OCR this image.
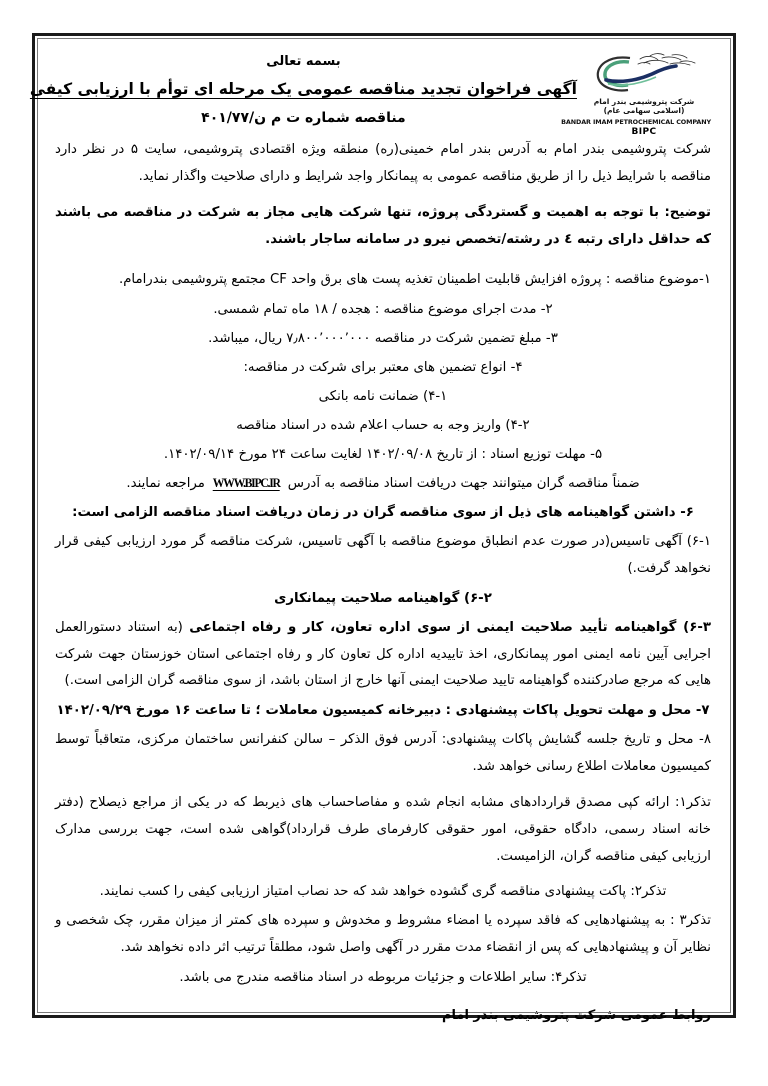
شرکت پتروشیمی بندر امام (اسلامی سهامی عام)
BANDAR IMAM PETROCHEMICAL COMPANY
BIPC
بسمه تعالی
آگهی فراخوان تجدید مناقصه عمومی یک مرحله ای توأم با ارزیابی کیفی
مناقصه شماره ت م ن/۴۰۱/۷۷

شرکت پتروشیمی بندر امام به آدرس بندر امام خمینی(ره) منطقه ویژه اقتصادی پتروشیمی، سایت ۵ در نظر دارد مناقصه با شرایط ذیل را از طریق مناقصه عمومی به پیمانکار واجد شرایط و دارای صلاحیت واگذار نماید.

توضیح: با توجه به اهمیت و گستردگی پروژه، تنها شرکت هایی مجاز به شرکت در مناقصه می باشند که حداقل دارای رتبه ٤ در رشته/تخصص نیرو در سامانه ساجار باشند.

۱-موضوع مناقصه : پروژه افزایش قابلیت اطمینان تغذیه پست های برق واحد CF مجتمع پتروشیمی بندرامام.

۲- مدت اجرای موضوع مناقصه : هجده / ۱۸ ماه تمام شمسی.

۳- مبلغ تضمین شرکت در مناقصه ۷٫۸۰۰٬۰۰۰٬۰۰۰ ریال، میباشد.

۴- انواع تضمین های معتبر برای شرکت در مناقصه:

۴-۱) ضمانت نامه بانکی

۴-۲) واریز وجه به حساب اعلام شده در اسناد مناقصه

۵- مهلت توزیع اسناد : از تاریخ ۱۴۰۲/۰۹/۰۸ لغایت ساعت ۲۴ مورخ ۱۴۰۲/۰۹/۱۴.

ضمناً مناقصه گران میتوانند جهت دریافت اسناد مناقصه به آدرس WWW.BIPC.IR مراجعه نمایند.

۶- داشتن گواهینامه های ذیل از سوی مناقصه گران در زمان دریافت اسناد مناقصه الزامی است:

۶-۱) آگهی تاسیس(در صورت عدم انطباق موضوع مناقصه با آگهی تاسیس، شرکت مناقصه گر مورد ارزیابی کیفی قرار نخواهد گرفت.)

۶-۲) گواهینامه صلاحیت پیمانکاری

۶-۳) گواهینامه تأیید صلاحیت ایمنی از سوی اداره تعاون، کار و رفاه اجتماعی (به استناد دستورالعمل اجرایی آیین نامه ایمنی امور پیمانکاری، اخذ تاییدیه اداره کل تعاون کار و رفاه اجتماعی استان خوزستان جهت شرکت هایی که مرجع صادرکننده گواهینامه تایید صلاحیت ایمنی آنها خارج از استان باشد، از سوی مناقصه گران الزامی است.)

۷- محل و مهلت تحویل پاکات پیشنهادی : دبیرخانه کمیسیون معاملات ؛ تا ساعت ۱۶ مورخ ۱۴۰۲/۰۹/۲۹

۸- محل و تاریخ جلسه گشایش پاکات پیشنهادی: آدرس فوق الذکر – سالن کنفرانس ساختمان مرکزی، متعاقباً توسط کمیسیون معاملات اطلاع رسانی خواهد شد.

تذکر۱: ارائه کپی مصدق قراردادهای مشابه انجام شده و مفاصاحساب های ذیربط که در یکی از مراجع ذیصلاح (دفتر خانه اسناد رسمی، دادگاه حقوقی، امور حقوقی کارفرمای طرف قرارداد)گواهی شده است، جهت بررسی مدارک ارزیابی کیفی مناقصه گران، الزامیست.

تذکر۲: پاکت پیشنهادی مناقصه گری گشوده خواهد شد که حد نصاب امتیاز ارزیابی کیفی را کسب نمایند.

تذکر۳ : به پیشنهادهایی که فاقد سپرده یا امضاء مشروط و مخدوش و سپرده های کمتر از میزان مقرر، چک شخصی و نظایر آن و پیشنهادهایی که پس از انقضاء مدت مقرر در آگهی واصل شود، مطلقاً ترتیب اثر داده نخواهد شد.

تذکر۴: سایر اطلاعات و جزئیات مربوطه در اسناد مناقصه مندرج می باشد.

روابط عمومی شرکت پتروشیمی بندر امام
